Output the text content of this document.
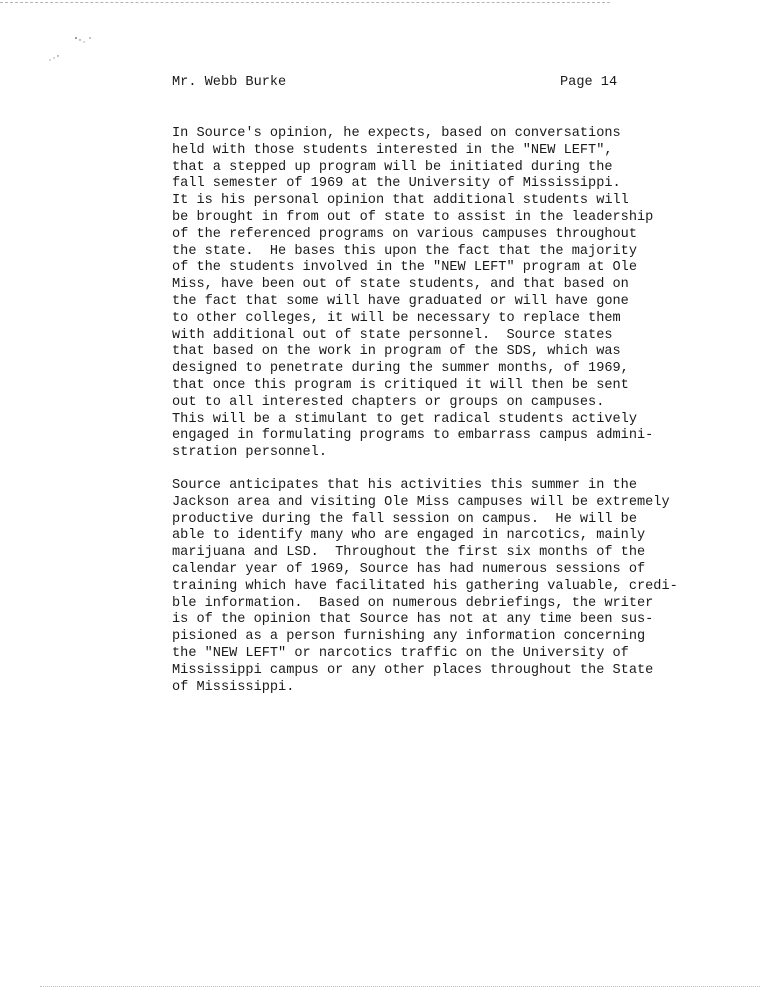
Mr. Webb Burke	Page 14
In Source's opinion, he expects, based on conversations
held with those students interested in the "NEW LEFT",
that a stepped up program will be initiated during the
fall semester of 1969 at the University of Mississippi.
It is his personal opinion that additional students will
be brought in from out of state to assist in the leadership
of the referenced programs on various campuses throughout
the state.  He bases this upon the fact that the majority
of the students involved in the "NEW LEFT" program at Ole
Miss, have been out of state students, and that based on
the fact that some will have graduated or will have gone
to other colleges, it will be necessary to replace them
with additional out of state personnel.  Source states
that based on the work in program of the SDS, which was
designed to penetrate during the summer months, of 1969,
that once this program is critiqued it will then be sent
out to all interested chapters or groups on campuses.
This will be a stimulant to get radical students actively
engaged in formulating programs to embarrass campus admini-
stration personnel.
Source anticipates that his activities this summer in the
Jackson area and visiting Ole Miss campuses will be extremely
productive during the fall session on campus.  He will be
able to identify many who are engaged in narcotics, mainly
marijuana and LSD.  Throughout the first six months of the
calendar year of 1969, Source has had numerous sessions of
training which have facilitated his gathering valuable, credi-
ble information.  Based on numerous debriefings, the writer
is of the opinion that Source has not at any time been sus-
pisioned as a person furnishing any information concerning
the "NEW LEFT" or narcotics traffic on the University of
Mississippi campus or any other places throughout the State
of Mississippi.
